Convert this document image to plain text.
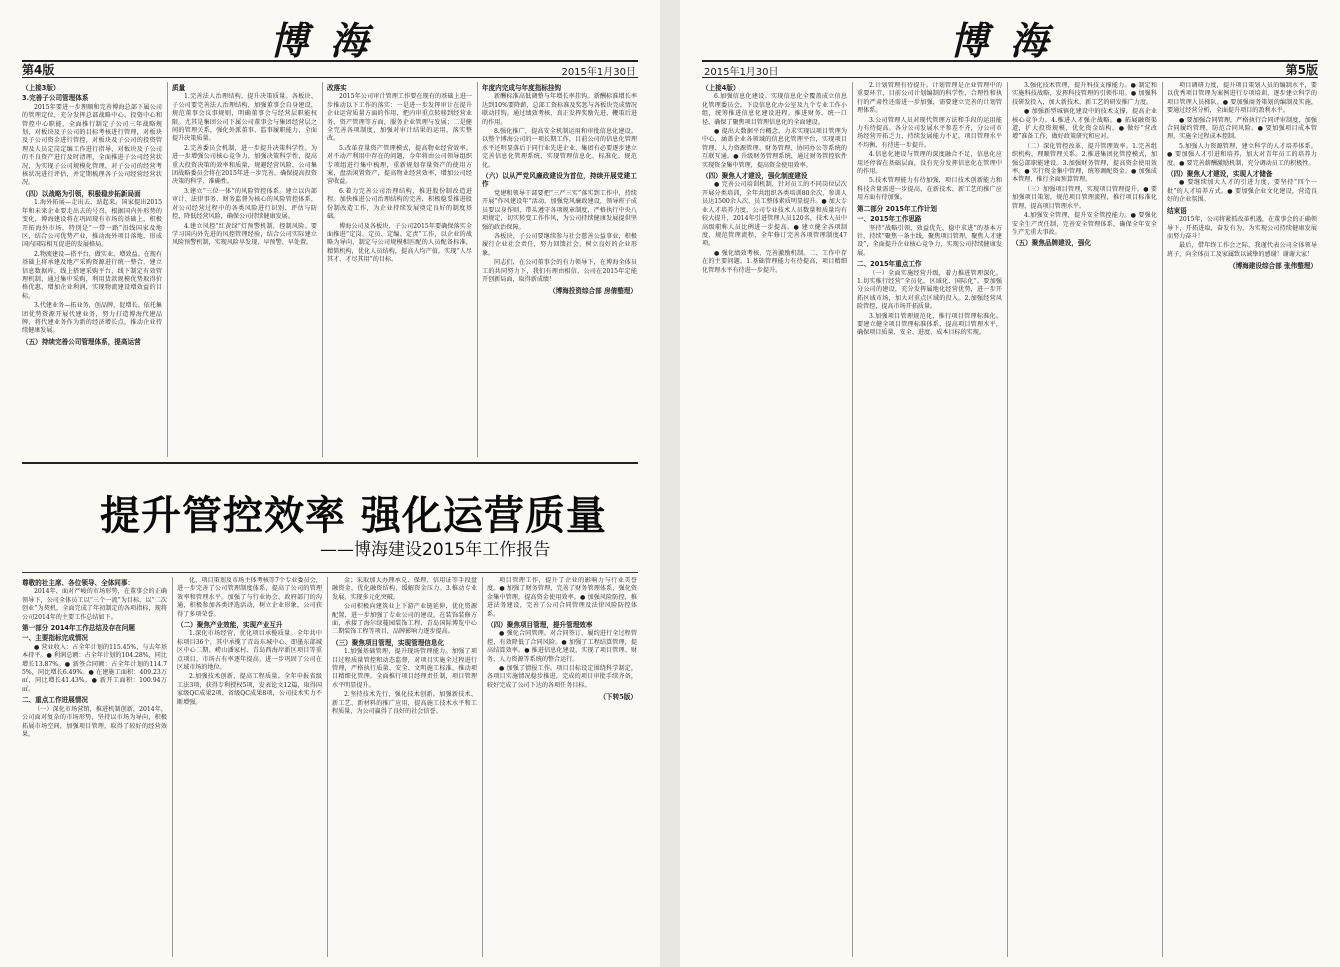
博海
第4版	2015年1月30日
（上接3版）
3.完善子公司管理体系

2015年要进一步理顺和完善博海总部下属公司的管理定位，充分发挥总部战略中心、投资中心和管控中心职能，全面推行制定子公司三年战略规划，对板块及子公司的目标考核进行管理，对板块及子公司资金进行管控，对板块及子公司的投资管理及人员定岗定编工作进行指导，对板块及子公司的不良资产进行及时清理，全面推进子公司经营状况，为实现子公司规模化管理，对子公司的经营考核状况进行评估，并定期梳理各子公司经营经营状况。

（四）以战略为引领，积极稳步拓新局面

1.海外拓展—走出去、站起来。国家提出2015年和未来企业要走出去的号召，根据国内外形势的变化，博海建设将在巩固现有市场的基础上，积极开拓海外市场，特别是“一带一路”沿线国家及地区，结合公司优势产业，推动海外项目落地，形成国内国际相互促进的发展格局。

2.物流建设—搭平台，做实业，增效益。在现有基础上将承建及地产采购资源进行统一整合，建立信息数据库，线上搭建采购平台，线下制定有效管理机制，通过集中采购，利用货款规模优势取得价格优惠，增加企业利润，实现物流建设增效益的目标。

3.代建业务—拓业务，创品牌，促增长。依托集团优势资源开展代建业务，努力打造博海代建品牌，将代建业务作为新的经济增长点，推动企业持续健康发展。

（五）持续完善公司管理体系，提高运营
质量

1.完善法人治理结构，提升决策质量。各板块、子公司要完善法人治理结构，加强董事会自身建设，规范董事会议事规则，明确董事会与经营层职能权限。尤其是集团公司下属公司董事会与集团经营层之间的管理关系，强化外派董事、监事履职能力，全面提升决策质量。

2.完善委员会机制，进一步提升决策科学性。为进一步增强公司核心竞争力，加强决策科学性，提高重大投资决策的效率和质量，规避经营风险，公司集团战略委员会将在2015年进一步完善、确保提高投资决策的科学、准确性。

3.建立“三位一体”的风险管控体系。建立以内部审计、法律事务、财务监督为核心的风险管控体系，对公司经营过程中的各类风险进行识别、评估与防控，降低经营风险，确保公司持续健康发展。

4.建立风控“红黄绿”灯预警机制，控制风险。要学习国内外先进的风控管理经验，结合公司实际建立风险预警机制，实现风险早发现、早预警、早处置。

改落实

2015年公司审计管理工作要在现有的基础上进一步推动以下工作的落实：一是进一步发挥审计在提升企业运营质量方面的作用，把内审重点转移到经营业务、资产管理等方面，服务企业管理与发展；二是健全完善各项制度，加强对审计结果的运用，落实整改。

5.改革存量资产管理模式，提高物业经营效率。对不动产利用中存在的问题，今年将由公司领导组织专项组进行集中梳理，重新规划存量资产的使用方案，盘活闲置资产，提高物业经营效率，增加公司经营收益。

6.着力完善公司治理结构，推进股份制改造进程。加快推进公司治理结构的完善，积极稳妥推进股份制改造工作，为企业持续发展奠定良好的制度基础。

博海公司及各板块、子公司2015年要确保落实全面推进“定岗、定员、定编、定责”工作，以企业的战略为导向，制定与公司规模相匹配的人员配备标准，精简机构，优化人员结构，提高人均产值，实现“人尽其才、才尽其用”的目标。

年度内完成与年度指标挂钩

新酬标准高低调整与年增长率挂钩。新酬标准增长率达到10%要降薪，总部工资标准及奖惩与各板块完成情况联动挂钩。通过绩效考核，真正发挥奖励先进、鞭策后进的作用。

8.强化推广，提高安全机制运用和审批信息化建设。以整个博海公司的一项长期工作，目前公司的信息化管理水平还明显落后于同行业先进企业，集团有必要逐步建立完善信息化管理系统，实现管理信息化、标准化、规范化。

（六）以从严党风廉政建设为首位，持续开展党建工作

党建和领导干部要把“三严三实”落实到工作中，持续开展“作风建设年”活动，加强党风廉政建设，领导班子成员要以身作则，带头遵守各项规章制度，严格执行中央八项规定，切实转变工作作风，为公司持续健康发展提供坚强的政治保障。

各板块、子公司要继续参与社会慈善公益事业，积极履行企业社会责任，努力回馈社会，树立良好的企业形象。

同志们，在公司董事会的有力领导下，在博海全体员工的共同努力下，我们有理由相信，公司在2015年定能开创新局面，取得新成绩！

（博海投资综合部 房倩整理）
提升管控效率 强化运营质量
——博海建设2015年工作报告
尊敬的社主席、各位领导、全体同事：

2014年，面对严峻的市场形势，在董事会的正确领导下，公司全体员工以“三个一流”为目标，以“二次创业”为契机，全面完成了年初制定的各项指标，现将公司2014年的主要工作总结如下。

第一部分 2014年工作总结及存在问题
一、主要指标完成情况

● 营业收入：占全年计划的115.45%，与去年基本持平。● 利润总额：占全年计划的104.28%，同比增长13.87%。● 新签合同额：占全年计划的114.75%，同比增长6.49%。● 在建施工面积：409.23万㎡，同比增长41.43%。● 新开工面积：100.94万㎡。

二、重点工作进展情况

（一）深化市场营销，推进机制创新。2014年，公司面对复杂的市场形势，坚持以市场为导向，积极拓展市场空间，加强项目管理，取得了较好的经营效果。

化、项目策划及市场主体考核等7个专业委员会，进一步完善了公司管理制度体系，提高了公司的管理效率和管理水平。加强了与行业协会、政府部门的沟通，积极参加各类评选活动，树立企业形象，公司获得了多项荣誉。

（二）聚焦产业效能，实现产业互升

1.深化市场经营，优化项目承揽质量。全年共中标项目36个，其中承揽了青岛东城中心、即墨东部城区中心二期、崂山潘家村、青岛西海岸新区项目等重点项目，市场占有率逐年提高，进一步巩固了公司在区域市场的地位。

2.加强技术创新，提高工程质量。全年申报省级工法3项，获得专利授权5项，发表论文12篇，取得国家级QC成果2项、省级QC成果8项，公司技术实力不断增强。

金；采取加大办理承兑、保理、信用证等手段盘融资金，优化融资结构，缓解资金压力。3.推动专业发展，实现多元化突破。

公司积极向建筑业上下游产业链延伸，优化资源配置，进一步加强了专业公司的建设。在装饰装修方面，承接了海尔绿蔓园装饰工程、青岛国际博览中心二期装饰工程等项目，品牌影响力逐步提高。

（三）聚焦项目管理，实现管理信息化

1.加强基础管理，提升现场管理能力。加强了项目过程质量管控和动态监督，对项目实施全过程进行管理，严格执行质量、安全、文明施工标准，推动项目精细化管理。全面推行项目经理责任制，项目管理水平明显提升。

2.坚持技术先行，强化技术创新。加强新技术、新工艺、新材料的推广应用，提高施工技术水平和工程质量，为公司赢得了良好的社会信誉。

项目管理工作，提升了企业的影响力与行业美誉度。● 加强了财务管理，完善了财务管理体系，强化资金集中管理，提高资金使用效率。● 加强风险防控，推进法务建设，完善了公司合同管理及法律风险防控体系。

（四）聚焦项目管理，提升管理效率

● 强化合同管理。对合同签订、履约进行全过程管控，有效降低了合同风险。● 加强了工程结算管理，提高结算效率。● 推进信息化建设，实现了项目管理、财务、人力资源等系统的整合运行。

● 加强了情报工作。项目目标设定围绕科学制定，各项目实施情况稳步推进，完成的项目审批手续齐备，较好完成了公司下达的各项任务目标。

（下转5版）
博海
2015年1月30日	第5版
（上接4版）

6.加强信息化建设。实现信息化全覆盖成立信息化管理委员会，下设信息化办公室及九个专业工作小组，统筹推进信息化建设进程，推进财务、统一口径、确保了聚焦项目管理信息化的全面建设。

● 提出大数据平台概念，力求实现以项目管理为中心，涵盖企业各领域的信息化管理平台，实现项目管理、人力资源管理、财务管理、协同办公等系统的互联互通。● 升级财务管理系统，通过财务管控软件实现资金集中管理，提高资金使用效率。

（四）聚焦人才建设，强化制度建设

● 完善公司培训机制，针对员工的不同岗位层次开展分类培训，全年共组织各类培训80余次，参训人员达1500余人次，员工整体素质明显提升。● 加大专业人才培养力度，公司专业技术人员数量和质量均有较大提升，2014年引进管理人员120名，技术人员中高级职称人员比例进一步提高。● 建立健全各项制度，规范管理流程，全年修订完善各项管理制度47项。

● 强化绩效考核，完善激励机制。二、工作中存在的主要问题。1.基础管理能力有待提高，项目精细化管理水平有待进一步提升。

2.计划管理有待提升。计划管理是企业管理中的重要环节，目前公司计划编制的科学性、合理性和执行的严肃性还需进一步加强，需要建立完善的计划管理体系。

3.公司管理人员对现代管理方法和手段的运用能力有待提高。各分公司发展水平参差不齐，分公司市场经营开拓乏力，持续发展能力不足，项目管理水平不均衡，有待进一步提升。

4.信息化建设与管理的深度融合不足，信息化应用还停留在基础层面，没有充分发挥信息化在管理中的作用。

5.技术管理能力有待加强，项目技术创新能力和科技含量需进一步提高，在新技术、新工艺的推广应用方面有待加强。

第二部分 2015年工作计划
一、2015年工作思路

坚持“战略引领、效益优先、稳中求进”的基本方针，持续“聚焦一条主线，聚焦项目管理，聚焦人才建设”，全面提升企业核心竞争力，实现公司持续健康发展。

二、2015年重点工作

（一）全面实施经营升级，着力推进管理深化。1.切实推行经营“全员化、区域化、国际化”。要加强分公司的建设，充分发挥属地化经营优势，进一步开拓区域市场，加大对重点区域的投入。2.加强经营风险管控，提高市场开拓质量。

3.加强项目管理规范化，推行项目管理标准化。要建立健全项目管理标准体系，提高项目管理水平，确保项目质量、安全、进度、成本目标的实现。

3.强化技术管理，提升科技支撑能力。● 制定和实施科技战略，发挥科技管理的引领作用。● 加强科技研发投入，加大新技术、新工艺的研发推广力度。

● 加强新型城镇化建设中的技术支撑，提高企业核心竞争力。4.推进人才强企战略。● 拓展融资渠道，扩大投资规模，优化资金结构。● 做好“营改增”准备工作，做好政策研究和应对。

（二）深化管控改革，提升管理效率。1.完善组织机构，理顺管理关系。2.推进集团化管控模式，加强总部职能建设。3.加强财务管理，提高资金使用效率。● 实行资金集中管理，统筹调配资金。● 加强成本管理，推行全面预算管理。

（三）加强项目管理，实现项目管理提升。● 要加强项目策划，规范项目管理流程，推行项目标准化管理，提高项目管理水平。

4.加强安全管理，提升安全管控能力。● 要强化安全生产责任制，完善安全管理体系，确保全年安全生产无重大事故。

（五）聚焦品牌建设，强化

项目调研力度，提升项目策划人员的编制水平，要以优秀项目管理为案例进行专项培训，逐步建立科学的项目管理人员梯队。● 要加强商务策划的编制及实施，要通过经营分析，全面提升项目的盈利水平。

● 要加强合同管理，严格执行合同评审制度，加强合同履约管理，防范合同风险。● 要加强项目成本管理，实施全过程成本控制。

5.加强人力资源管理，建立科学的人才培养体系。● 要加强人才引进和培养，加大对青年员工的培养力度。● 要完善薪酬激励机制，充分调动员工的积极性。

（四）聚焦人才建设，实现人才储备

● 要继续加大人才的引进力度，要坚持“四个一批”的人才培养方式。● 要加强企业文化建设，营造良好的企业氛围。

结束语

2015年，公司将紧抓改革机遇，在董事会的正确领导下，开拓进取，奋发有为，为实现公司持续健康发展而努力奋斗！

最后，借年终工作会之际，我谨代表公司全体领导班子，向全体员工及家属致以诚挚的感谢！谢谢大家！

（博海建设综合部 张伟整理）
